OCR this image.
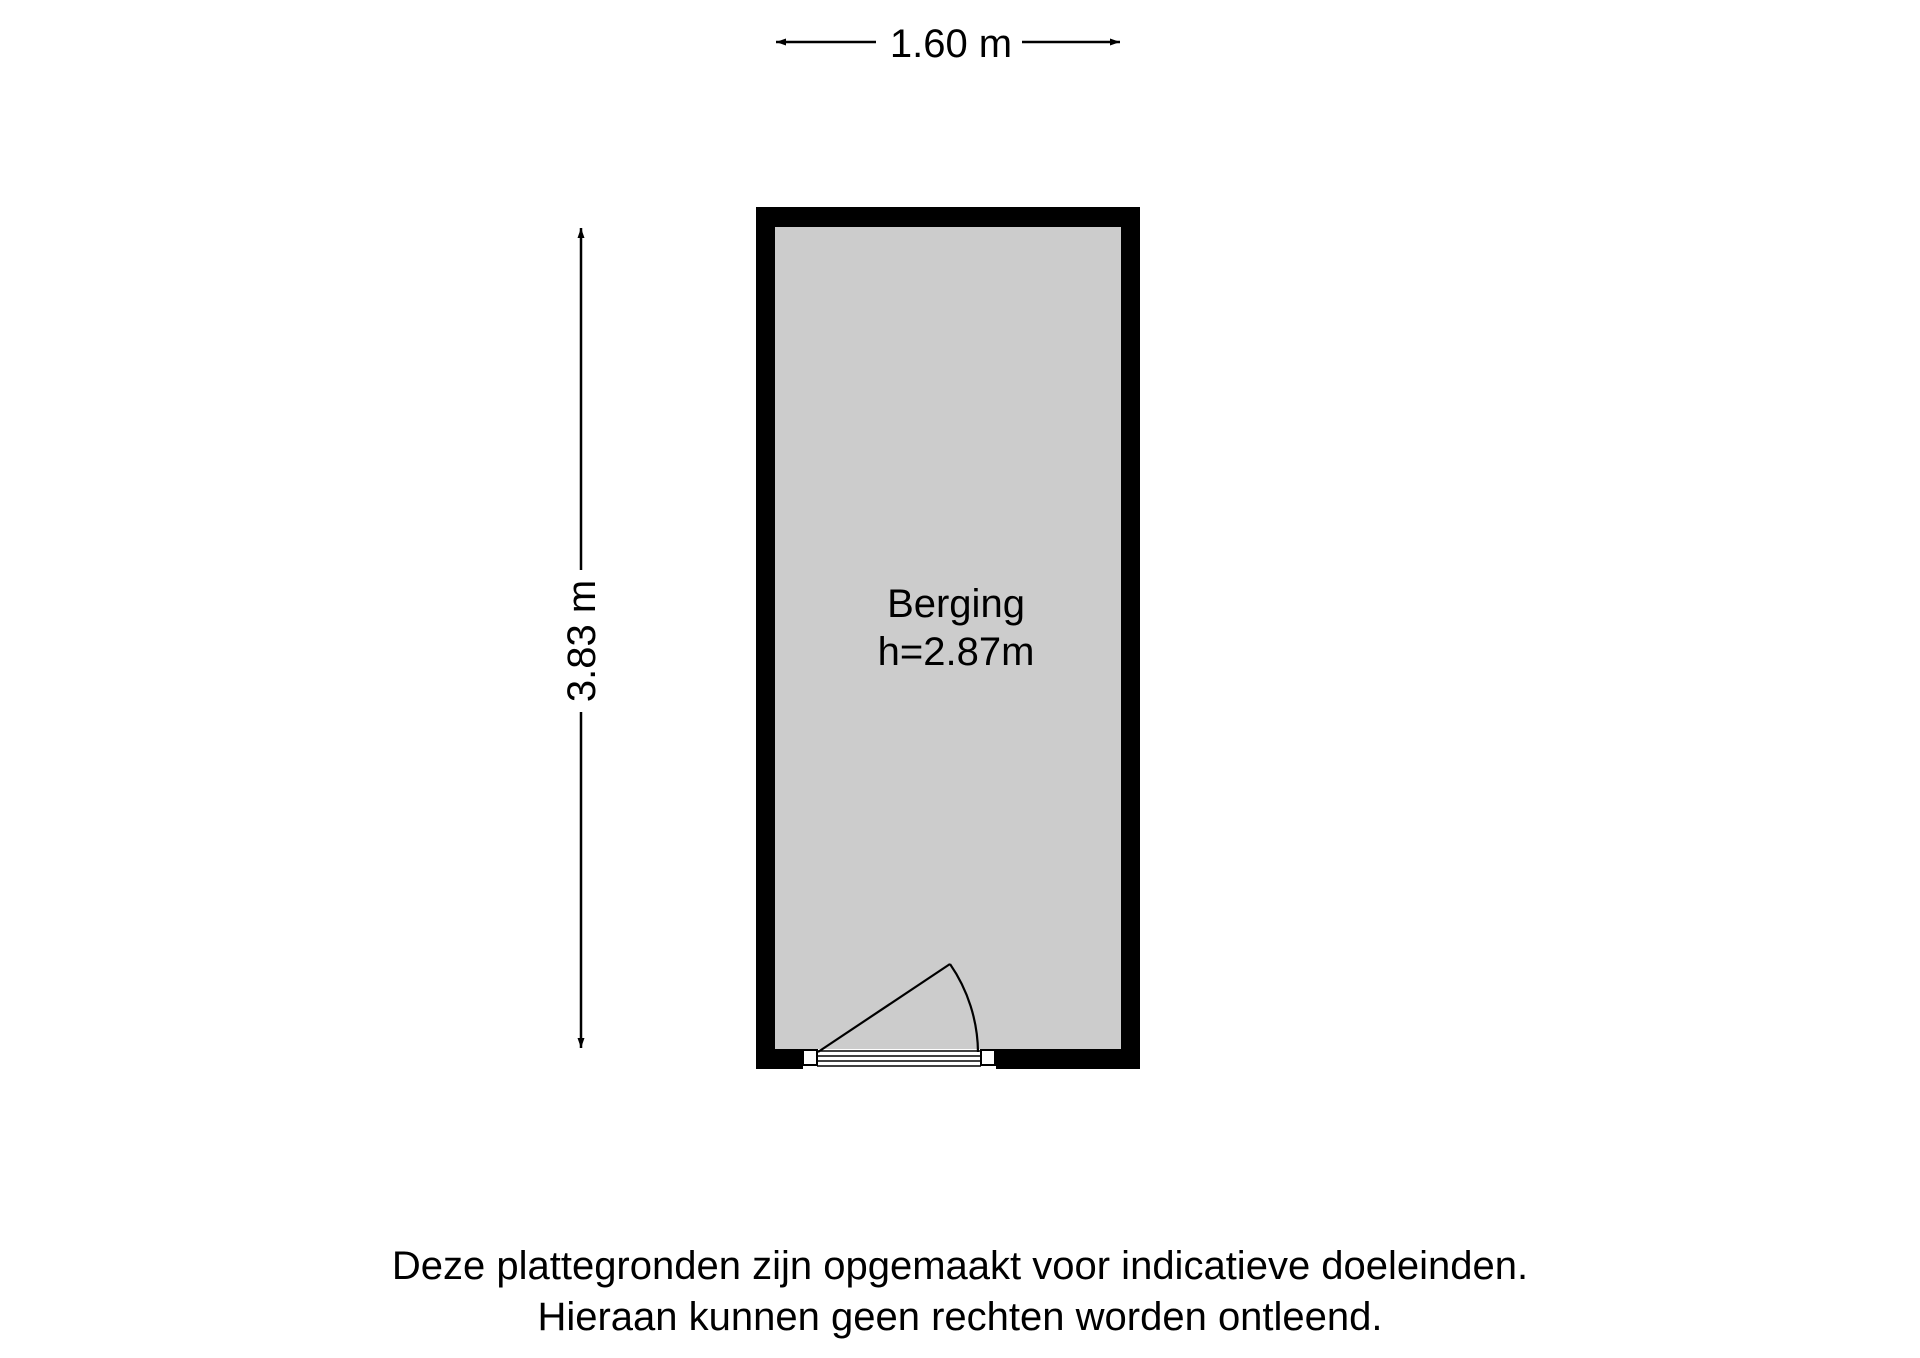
1.60 m
3.83 m	Berging
h=2.87m
Deze plattegronden zijn opgemaakt voor indicatieve doeleinden.
Hieraan kunnen geen rechten worden ontleend.
